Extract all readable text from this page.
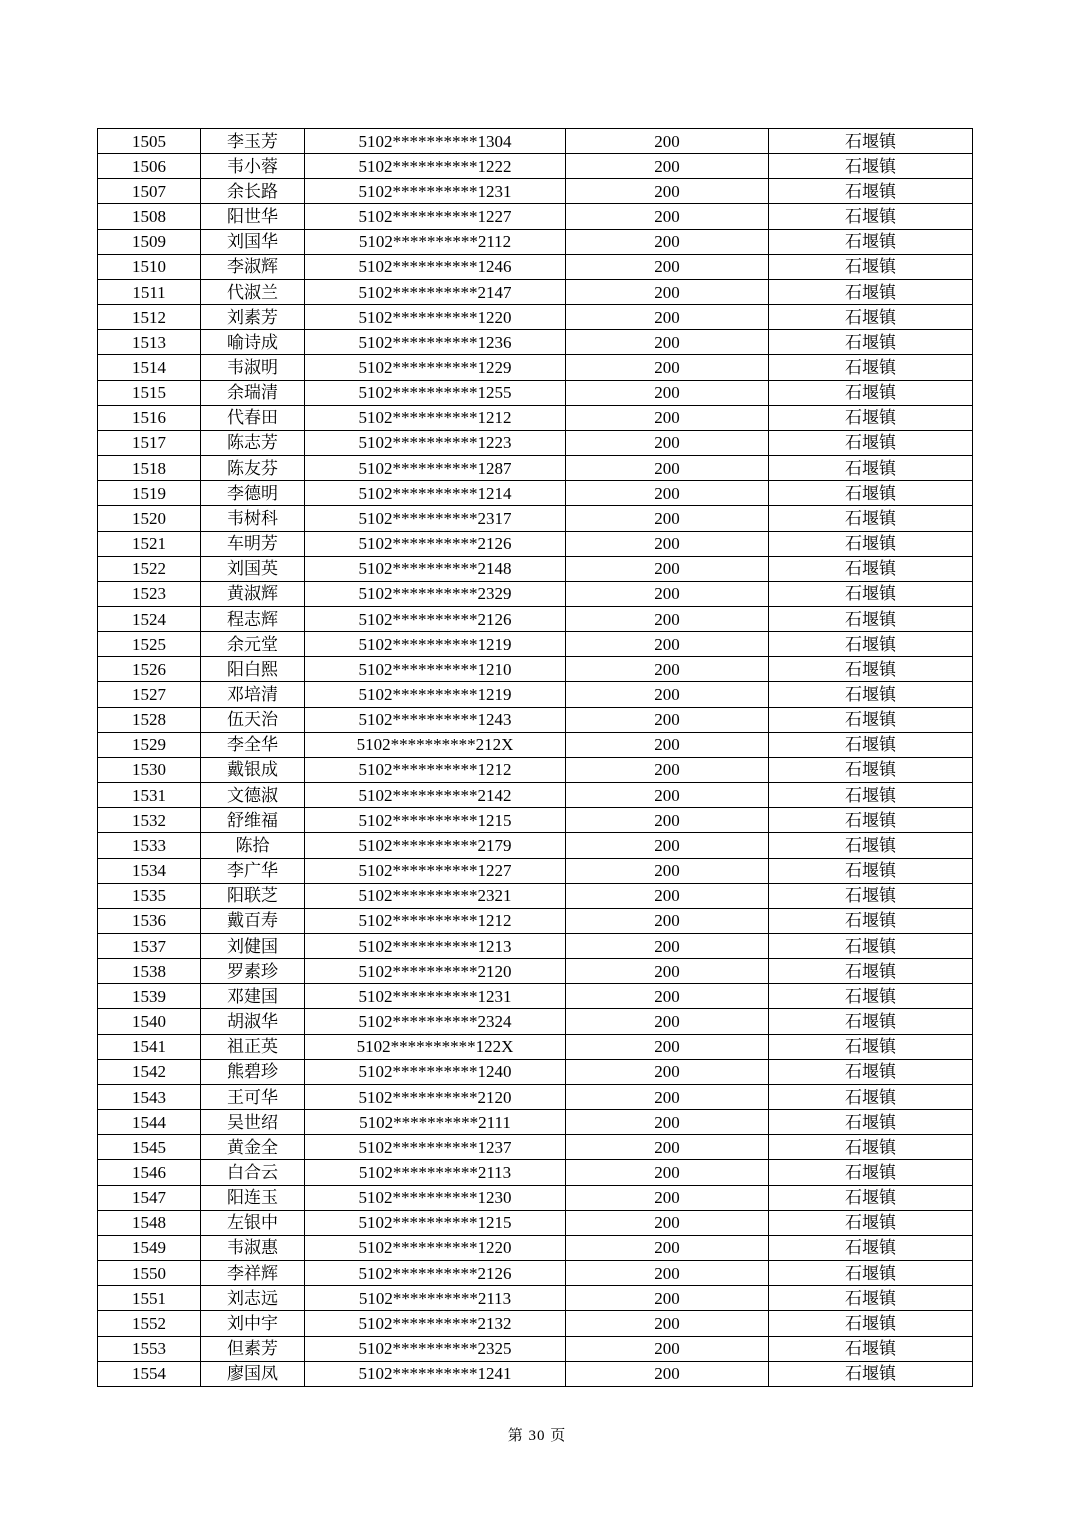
1505	李玉芳	5102**********1304	200	石堰镇
1506	韦小蓉	5102**********1222	200	石堰镇
1507	余长路	5102**********1231	200	石堰镇
1508	阳世华	5102**********1227	200	石堰镇
1509	刘国华	5102**********2112	200	石堰镇
1510	李淑辉	5102**********1246	200	石堰镇
1511	代淑兰	5102**********2147	200	石堰镇
1512	刘素芳	5102**********1220	200	石堰镇
1513	喻诗成	5102**********1236	200	石堰镇
1514	韦淑明	5102**********1229	200	石堰镇
1515	余瑞清	5102**********1255	200	石堰镇
1516	代春田	5102**********1212	200	石堰镇
1517	陈志芳	5102**********1223	200	石堰镇
1518	陈友芬	5102**********1287	200	石堰镇
1519	李德明	5102**********1214	200	石堰镇
1520	韦树科	5102**********2317	200	石堰镇
1521	车明芳	5102**********2126	200	石堰镇
1522	刘国英	5102**********2148	200	石堰镇
1523	黄淑辉	5102**********2329	200	石堰镇
1524	程志辉	5102**********2126	200	石堰镇
1525	余元堂	5102**********1219	200	石堰镇
1526	阳白熙	5102**********1210	200	石堰镇
1527	邓培清	5102**********1219	200	石堰镇
1528	伍天治	5102**********1243	200	石堰镇
1529	李全华	5102**********212X	200	石堰镇
1530	戴银成	5102**********1212	200	石堰镇
1531	文德淑	5102**********2142	200	石堰镇
1532	舒维福	5102**********1215	200	石堰镇
1533	陈拾	5102**********2179	200	石堰镇
1534	李广华	5102**********1227	200	石堰镇
1535	阳联芝	5102**********2321	200	石堰镇
1536	戴百寿	5102**********1212	200	石堰镇
1537	刘健国	5102**********1213	200	石堰镇
1538	罗素珍	5102**********2120	200	石堰镇
1539	邓建国	5102**********1231	200	石堰镇
1540	胡淑华	5102**********2324	200	石堰镇
1541	祖正英	5102**********122X	200	石堰镇
1542	熊碧珍	5102**********1240	200	石堰镇
1543	王可华	5102**********2120	200	石堰镇
1544	吴世绍	5102**********2111	200	石堰镇
1545	黄金全	5102**********1237	200	石堰镇
1546	白合云	5102**********2113	200	石堰镇
1547	阳连玉	5102**********1230	200	石堰镇
1548	左银中	5102**********1215	200	石堰镇
1549	韦淑惠	5102**********1220	200	石堰镇
1550	李祥辉	5102**********2126	200	石堰镇
1551	刘志远	5102**********2113	200	石堰镇
1552	刘中宇	5102**********2132	200	石堰镇
1553	但素芳	5102**********2325	200	石堰镇
1554	廖国凤	5102**********1241	200	石堰镇
第 30 页
